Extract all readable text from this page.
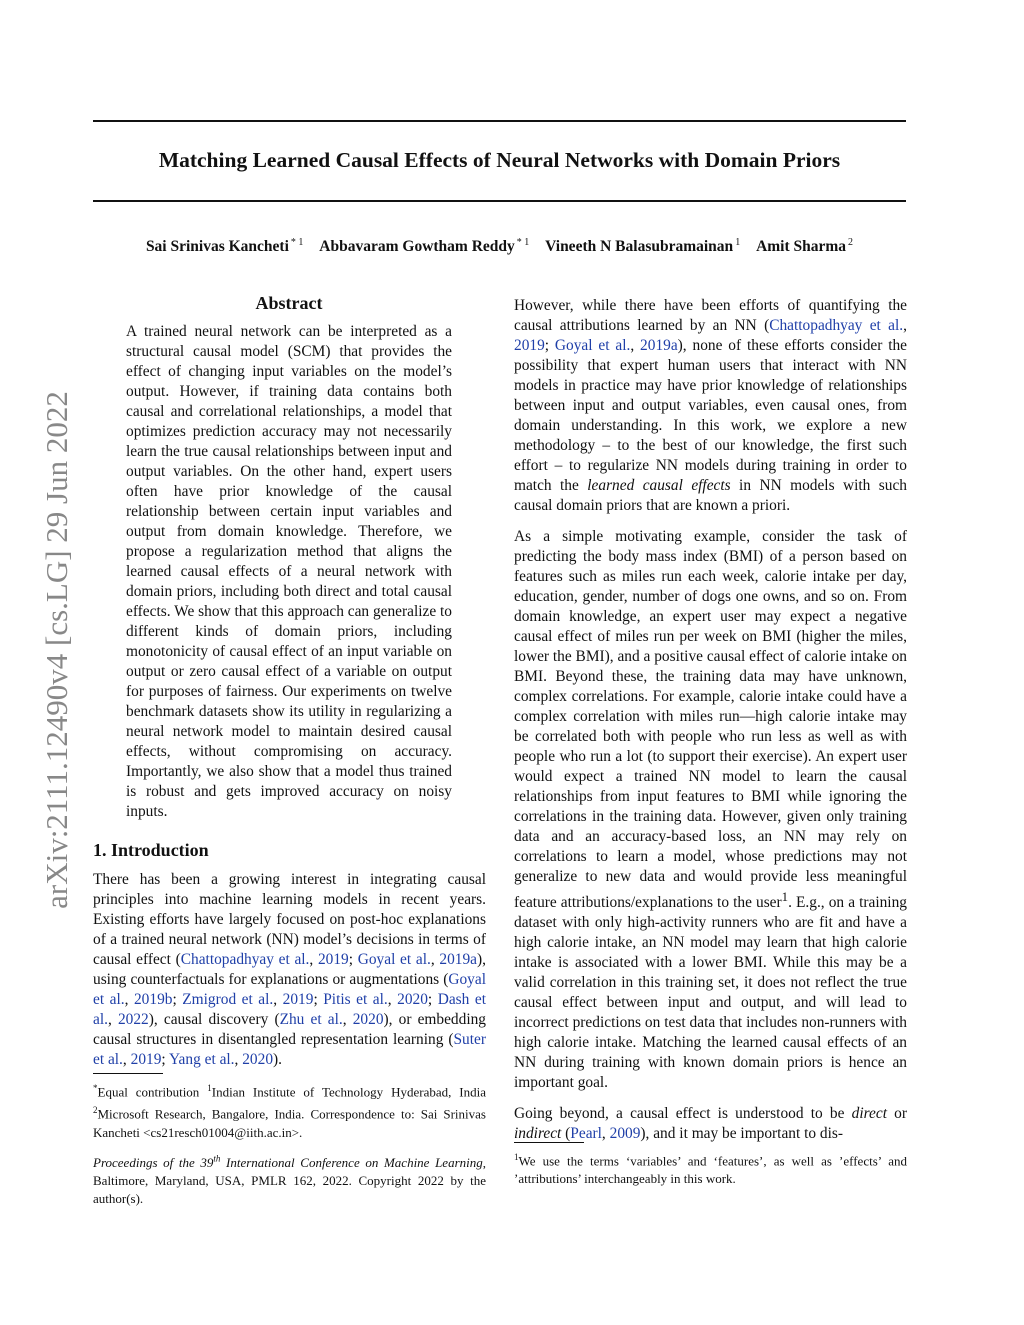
Matching Learned Causal Effects of Neural Networks with Domain Priors
Sai Srinivas Kancheti $^{* 1}$ Abbavaram Gowtham Reddy $^{* 1}$ Vineeth N Balasubramainan $^1$ Amit Sharma $^2$
arXiv:2111.12490v4 [cs.LG] 29 Jun 2022
Abstract

A trained neural network can be interpreted as a structural causal model (SCM) that provides the effect of changing input variables on the model’s output. However, if training data contains both causal and correlational relationships, a model that optimizes prediction accuracy may not necessarily learn the true causal relationships between input and output variables. On the other hand, expert users often have prior knowledge of the causal relationship between certain input variables and output from domain knowledge. Therefore, we propose a regularization method that aligns the learned causal effects of a neural network with domain priors, including both direct and total causal effects. We show that this approach can generalize to different kinds of domain priors, including monotonicity of causal effect of an input variable on output or zero causal effect of a variable on output for purposes of fairness. Our experiments on twelve benchmark datasets show its utility in regularizing a neural network model to maintain desired causal effects, without compromising on accuracy. Importantly, we also show that a model thus trained is robust and gets improved accuracy on noisy inputs.

1. Introduction

There has been a growing interest in integrating causal principles into machine learning models in recent years. Existing efforts have largely focused on post-hoc explanations of a trained neural network (NN) model’s decisions in terms of causal effect (Chattopadhyay et al., 2019; Goyal et al., 2019a), using counterfactuals for explanations or augmentations (Goyal et al., 2019b; Zmigrod et al., 2019; Pitis et al., 2020; Dash et al., 2022), causal discovery (Zhu et al., 2020), or embedding causal structures in disentangled representation learning (Suter et al., 2019; Yang et al., 2020).

*Equal contribution $^1$Indian Institute of Technology Hyderabad, India $^2$Microsoft Research, Bangalore, India. Correspondence to: Sai Srinivas Kancheti <cs21resch01004@iith.ac.in>.
Proceedings of the 39th International Conference on Machine Learning, Baltimore, Maryland, USA, PMLR 162, 2022. Copyright 2022 by the author(s).

However, while there have been efforts of quantifying the causal attributions learned by an NN (Chattopadhyay et al., 2019; Goyal et al., 2019a), none of these efforts consider the possibility that expert human users that interact with NN models in practice may have prior knowledge of relationships between input and output variables, even causal ones, from domain understanding. In this work, we explore a new methodology – to the best of our knowledge, the first such effort – to regularize NN models during training in order to match the learned causal effects in NN models with such causal domain priors that are known a priori.

As a simple motivating example, consider the task of predicting the body mass index (BMI) of a person based on features such as miles run each week, calorie intake per day, education, gender, number of dogs one owns, and so on. From domain knowledge, an expert user may expect a negative causal effect of miles run per week on BMI (higher the miles, lower the BMI), and a positive causal effect of calorie intake on BMI. Beyond these, the training data may have unknown, complex correlations. For example, calorie intake could have a complex correlation with miles run—high calorie intake may be correlated both with people who run less as well as with people who run a lot (to support their exercise). An expert user would expect a trained NN model to learn the causal relationships from input features to BMI while ignoring the correlations in the training data. However, given only training data and an accuracy-based loss, an NN may rely on correlations to learn a model, whose predictions may not generalize to new data and would provide less meaningful feature attributions/explanations to the user$^1$. E.g., on a training dataset with only high-activity runners who are fit and have a high calorie intake, an NN model may learn that high calorie intake is associated with a lower BMI. While this may be a valid correlation in this training set, it does not reflect the true causal effect between input and output, and will lead to incorrect predictions on test data that includes non-runners with high calorie intake. Matching the learned causal effects of an NN during training with known domain priors is hence an important goal.

Going beyond, a causal effect is understood to be direct or indirect (Pearl, 2009), and it may be important to dis-

$^1$We use the terms ‘variables’ and ‘features’, as well as ’effects’ and ’attributions’ interchangeably in this work.
